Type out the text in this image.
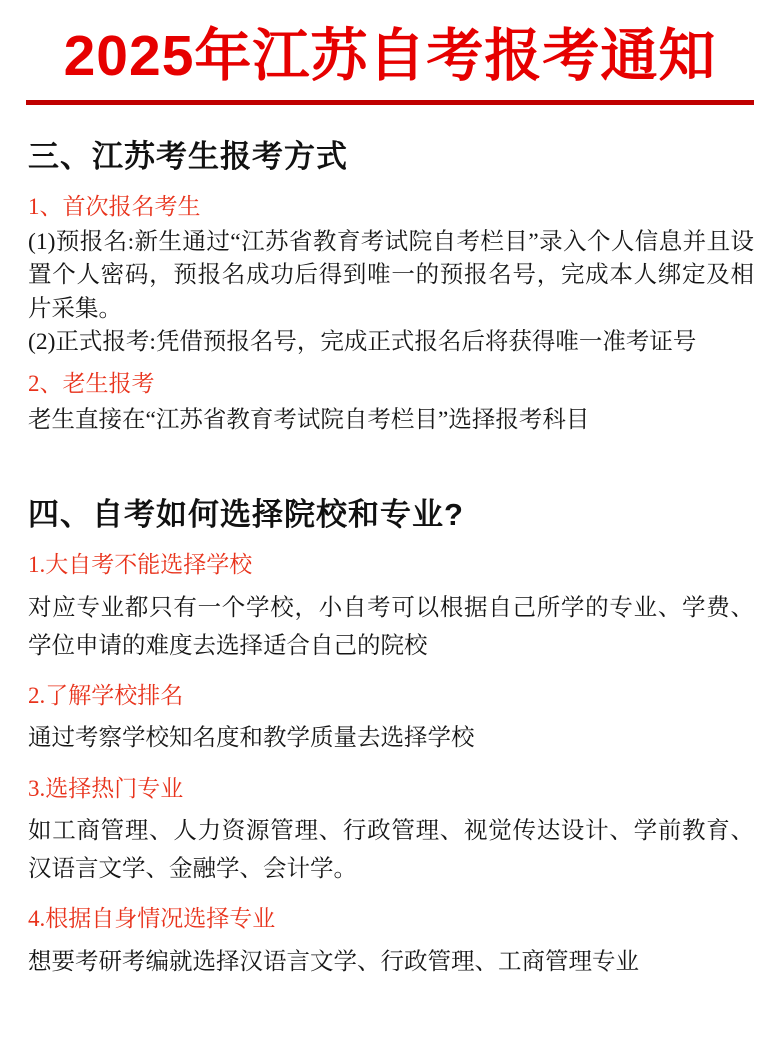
2025年江苏自考报考通知
三、江苏考生报考方式
1、首次报名考生

(1)预报名:新生通过“江苏省教育考试院自考栏目”录入个人信息并且设置个人密码，预报名成功后得到唯一的预报名号，完成本人绑定及相片采集。

(2)正式报考:凭借预报名号，完成正式报名后将获得唯一准考证号

2、老生报考

老生直接在“江苏省教育考试院自考栏目”选择报考科目

四、自考如何选择院校和专业?
1.大自考不能选择学校

对应专业都只有一个学校，小自考可以根据自己所学的专业、学费、学位申请的难度去选择适合自己的院校

2.了解学校排名

通过考察学校知名度和教学质量去选择学校

3.选择热门专业

如工商管理、人力资源管理、行政管理、视觉传达设计、学前教育、汉语言文学、金融学、会计学。

4.根据自身情况选择专业

想要考研考编就选择汉语言文学、行政管理、工商管理专业
